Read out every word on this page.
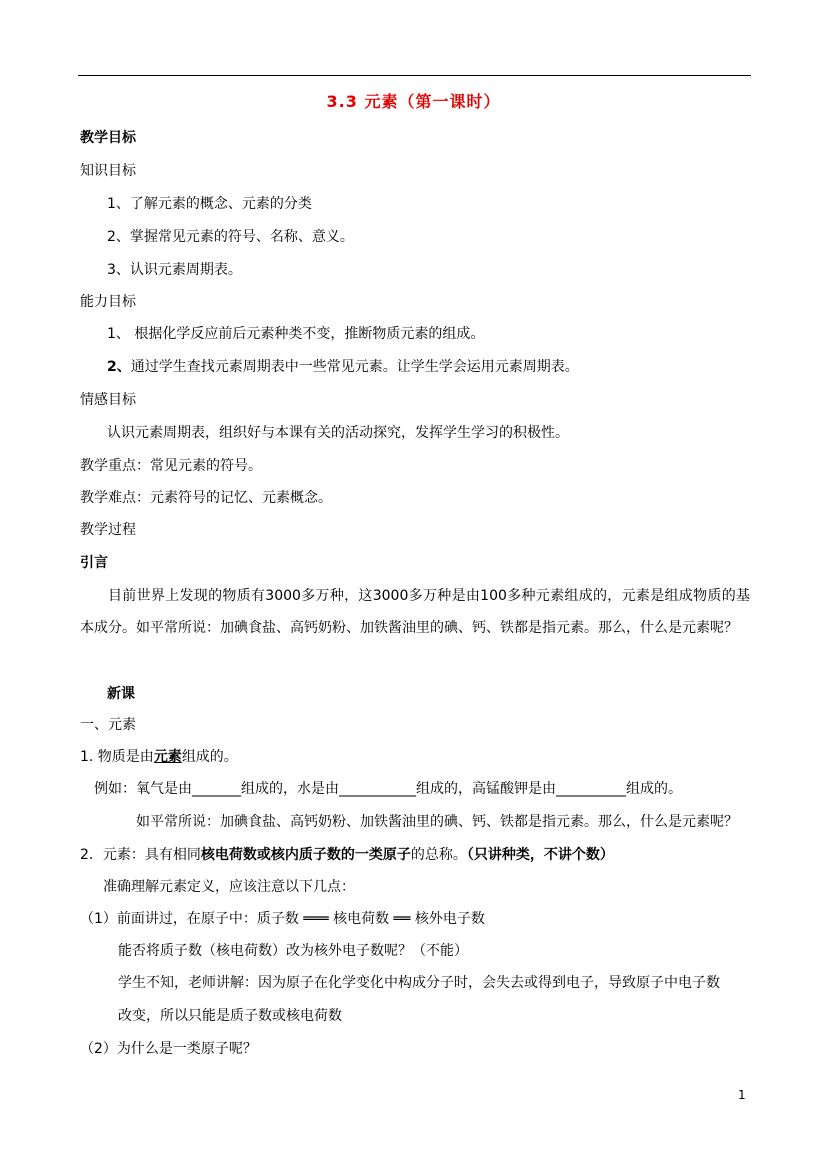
3.3 元素（第一课时）
教学目标
知识目标
1、了解元素的概念、元素的分类
2、掌握常见元素的符号、名称、意义。
3、认识元素周期表。
能力目标
1、 根据化学反应前后元素种类不变，推断物质元素的组成。
2、通过学生查找元素周期表中一些常见元素。让学生学会运用元素周期表。
情感目标
认识元素周期表，组织好与本课有关的活动探究，发挥学生学习的积极性。
教学重点：常见元素的符号。
教学难点：元素符号的记忆、元素概念。
教学过程
引言
目前世界上发现的物质有3000多万种，这3000多万种是由100多种元素组成的，元素是组成物质的基本成分。如平常所说：加碘食盐、高钙奶粉、加铁酱油里的碘、钙、铁都是指元素。那么，什么是元素呢？
新课
一、元素
1. 物质是由元素组成的。
例如：氧气是由_______组成的，水是由___________组成的，高锰酸钾是由__________组成的。
如平常所说：加碘食盐、高钙奶粉、加铁酱油里的碘、钙、铁都是指元素。那么，什么是元素呢？
2．元素：具有相同核电荷数或核内质子数的一类原子的总称。（只讲种类，不讲个数）
准确理解元素定义，应该注意以下几点：
（1）前面讲过，在原子中：质子数 ═══ 核电荷数 ══ 核外电子数
能否将质子数（核电荷数）改为核外电子数呢？（不能）
学生不知，老师讲解：因为原子在化学变化中构成分子时，会失去或得到电子，导致原子中电子数
改变，所以只能是质子数或核电荷数
（2）为什么是一类原子呢？
1
